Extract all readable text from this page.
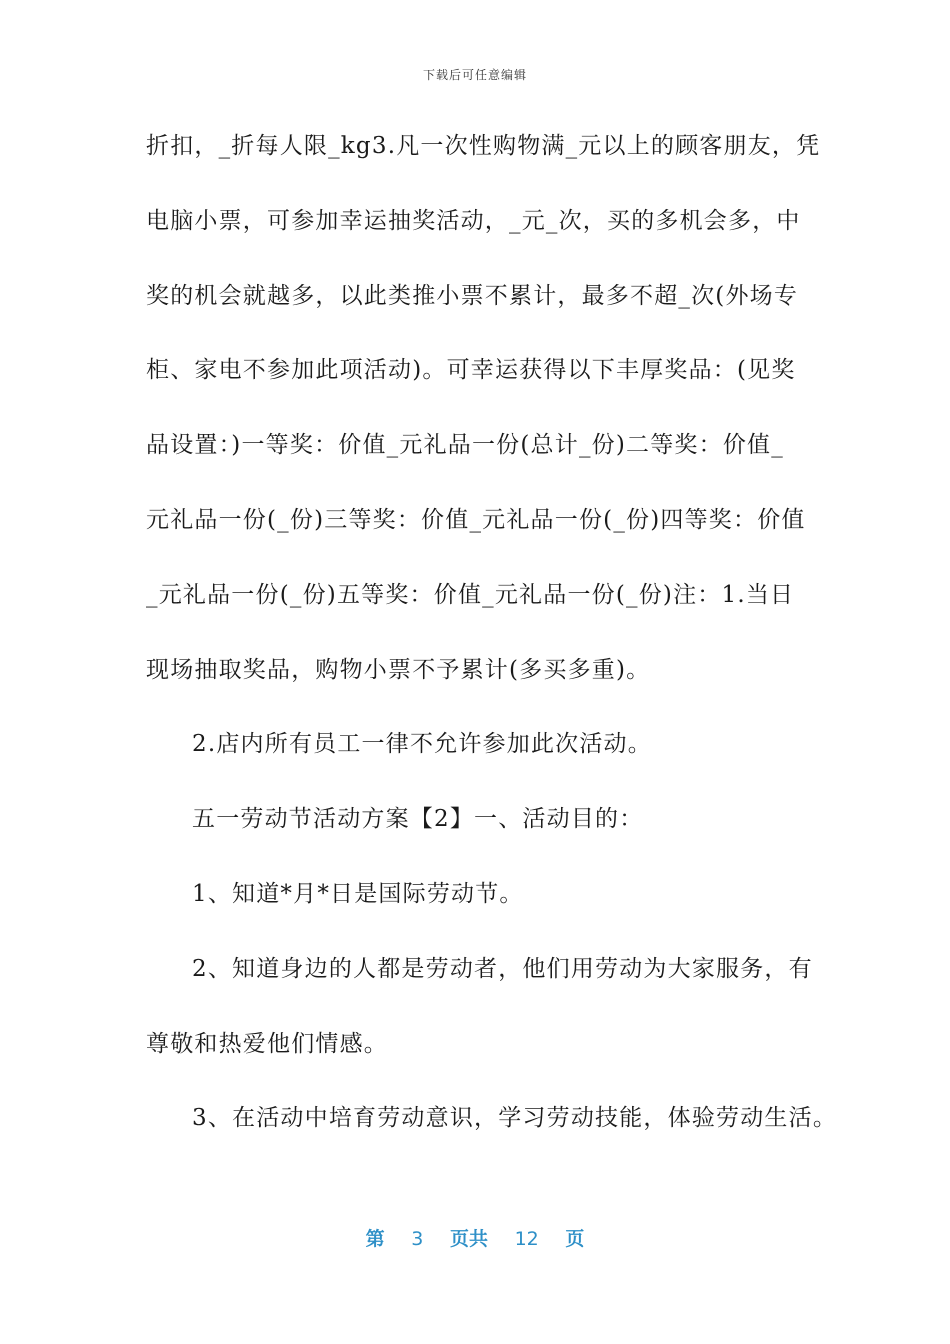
下载后可任意编辑
折扣，_折每人限_kg3.凡一次性购物满_元以上的顾客朋友，凭
电脑小票，可参加幸运抽奖活动，_元_次，买的多机会多，中
奖的机会就越多，以此类推小票不累计，最多不超_次(外场专
柜、家电不参加此项活动)。可幸运获得以下丰厚奖品：(见奖
品设置：)一等奖：价值_元礼品一份(总计_份)二等奖：价值_
元礼品一份(_份)三等奖：价值_元礼品一份(_份)四等奖：价值
_元礼品一份(_份)五等奖：价值_元礼品一份(_份)注：1.当日
现场抽取奖品，购物小票不予累计(多买多重)。
2.店内所有员工一律不允许参加此次活动。
五一劳动节活动方案【2】一、活动目的：
1、知道*月*日是国际劳动节。
2、知道身边的人都是劳动者，他们用劳动为大家服务，有
尊敬和热爱他们情感。
3、在活动中培育劳动意识，学习劳动技能，体验劳动生活。
第 3 页共 12 页
